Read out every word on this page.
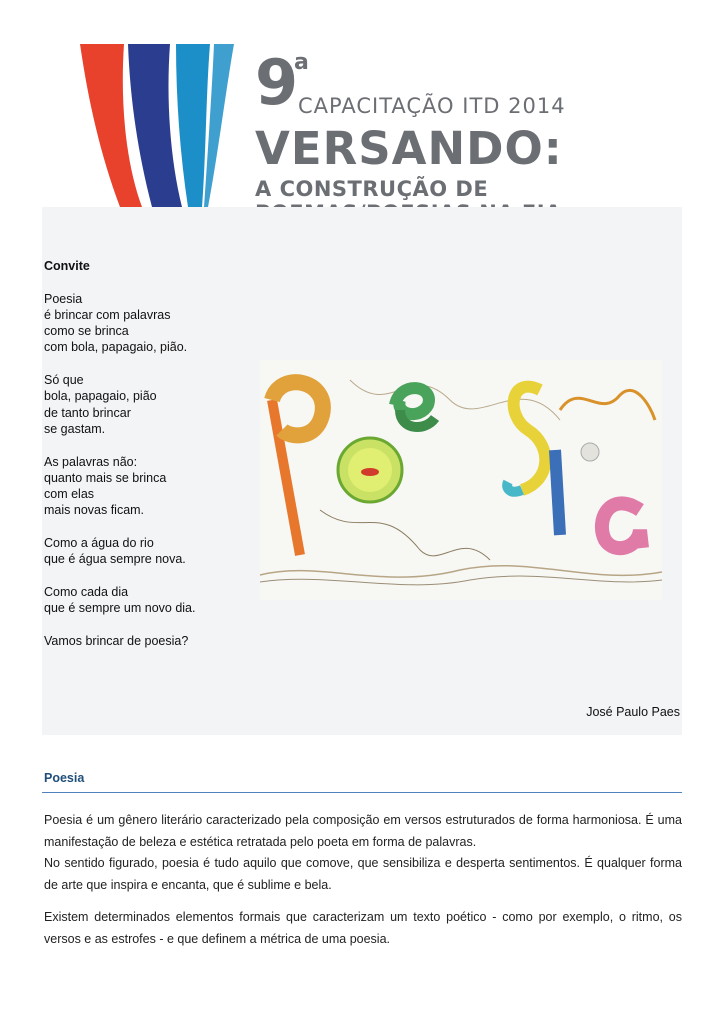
9
a
CAPACITAÇÃO ITD 2014
VERSANDO:
A CONSTRUÇÃO DE

Convite

Poesia
é brincar com palavras
como se brinca
com bola, papagaio, pião.

Só que
bola, papagaio, pião
de tanto brincar
se gastam.

As palavras não:
quanto mais se brinca
com elas
mais novas ficam.

Como a água do rio
que é água sempre nova.

Como cada dia
que é sempre um novo dia.

Vamos brincar de poesia?

José Paulo Paes
Poesia

Poesia é um gênero literário caracterizado pela composição em versos estruturados de forma harmoniosa. É uma manifestação de beleza e estética retratada pelo poeta em forma de palavras.

No sentido figurado, poesia é tudo aquilo que comove, que sensibiliza e desperta sentimentos. É qualquer forma de arte que inspira e encanta, que é sublime e bela.

Existem determinados elementos formais que caracterizam um texto poético - como por exemplo, o ritmo, os versos e as estrofes - e que definem a métrica de uma poesia.
